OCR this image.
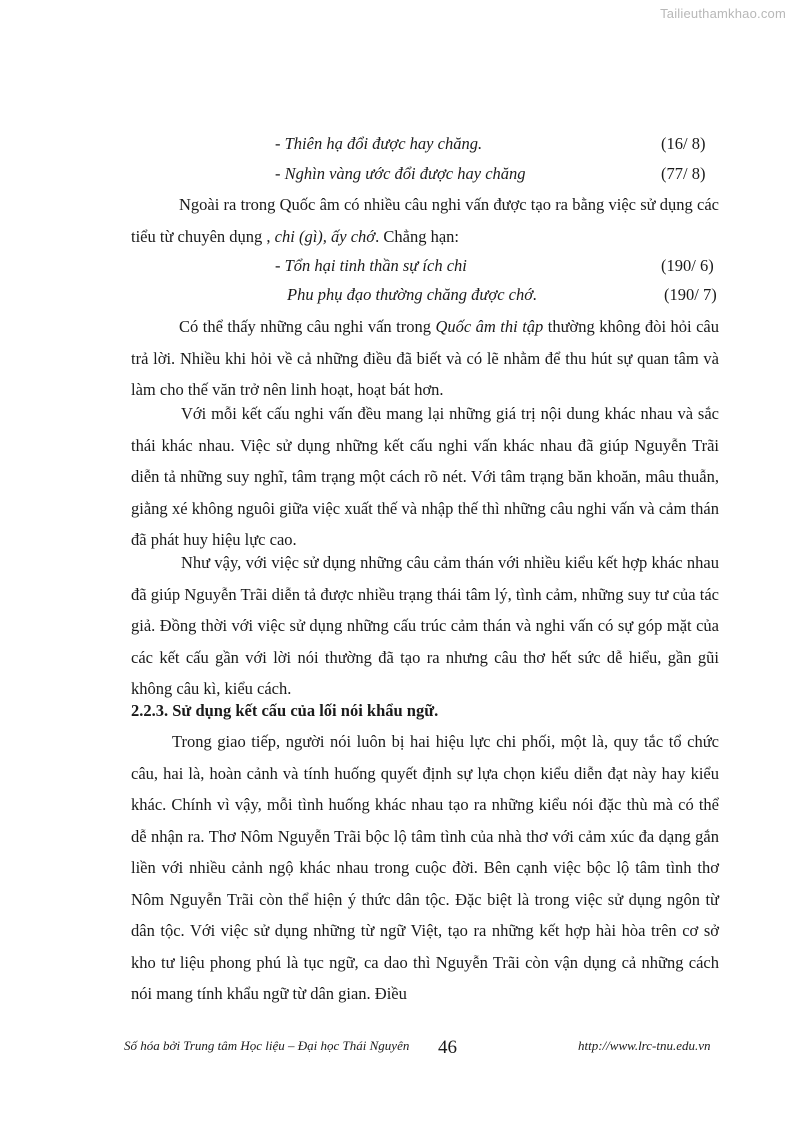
Tailieuthamkhao.com
- Thiên hạ đổi được hay chăng.	(16/ 8)
- Nghìn vàng ước đổi được hay chăng	(77/ 8)

Ngoài ra trong Quốc âm có nhiều câu nghi vấn được tạo ra bằng việc sử dụng các tiểu từ chuyên dụng , chi (gì), ấy chớ. Chẳng hạn:

- Tổn hại tinh thần sự ích chi	(190/ 6)
Phu phụ đạo thường chăng được chớ.	(190/ 7)

Có thể thấy những câu nghi vấn trong Quốc âm thi tập thường không đòi hỏi câu trả lời. Nhiều khi hỏi về cả những điều đã biết và có lẽ nhằm để thu hút sự quan tâm và làm cho thế văn trở nên linh hoạt, hoạt bát hơn.

Với mỗi kết cấu nghi vấn đều mang lại những giá trị nội dung khác nhau và sắc thái khác nhau. Việc sử dụng những kết cấu nghi vấn khác nhau đã giúp Nguyễn Trãi diễn tả những suy nghĩ, tâm trạng một cách rõ nét. Với tâm trạng băn khoăn, mâu thuẫn, giằng xé không nguôi giữa việc xuất thế và nhập thế thì những câu nghi vấn và cảm thán đã phát huy hiệu lực cao.

Như vậy, với việc sử dụng những câu cảm thán với nhiều kiểu kết hợp khác nhau đã giúp Nguyễn Trãi diễn tả được nhiều trạng thái tâm lý, tình cảm, những suy tư của tác giả. Đồng thời với việc sử dụng những cấu trúc cảm thán và nghi vấn có sự góp mặt của các kết cấu gần với lời nói thường đã tạo ra nhưng câu thơ hết sức dễ hiểu, gần gũi không câu kì, kiểu cách.

2.2.3. Sử dụng kết cấu của lối nói khẩu ngữ.

Trong giao tiếp, người nói luôn bị hai hiệu lực chi phối, một là, quy tắc tổ chức câu, hai là, hoàn cảnh và tính huống quyết định sự lựa chọn kiểu diễn đạt này hay kiểu khác. Chính vì vậy, mỗi tình huống khác nhau tạo ra những kiểu nói đặc thù mà có thể dễ nhận ra. Thơ Nôm Nguyễn Trãi bộc lộ tâm tình của nhà thơ với cảm xúc đa dạng gắn liền với nhiều cảnh ngộ khác nhau trong cuộc đời. Bên cạnh việc bộc lộ tâm tình thơ Nôm Nguyễn Trãi còn thể hiện ý thức dân tộc. Đặc biệt là trong việc sử dụng ngôn từ dân tộc. Với việc sử dụng những từ ngữ Việt, tạo ra những kết hợp hài hòa trên cơ sở kho tư liệu phong phú là tục ngữ, ca dao thì Nguyễn Trãi còn vận dụng cả những cách nói mang tính khẩu ngữ từ dân gian. Điều

Số hóa bởi Trung tâm Học liệu – Đại học Thái Nguyên 46	http://www.lrc-tnu.edu.vn
